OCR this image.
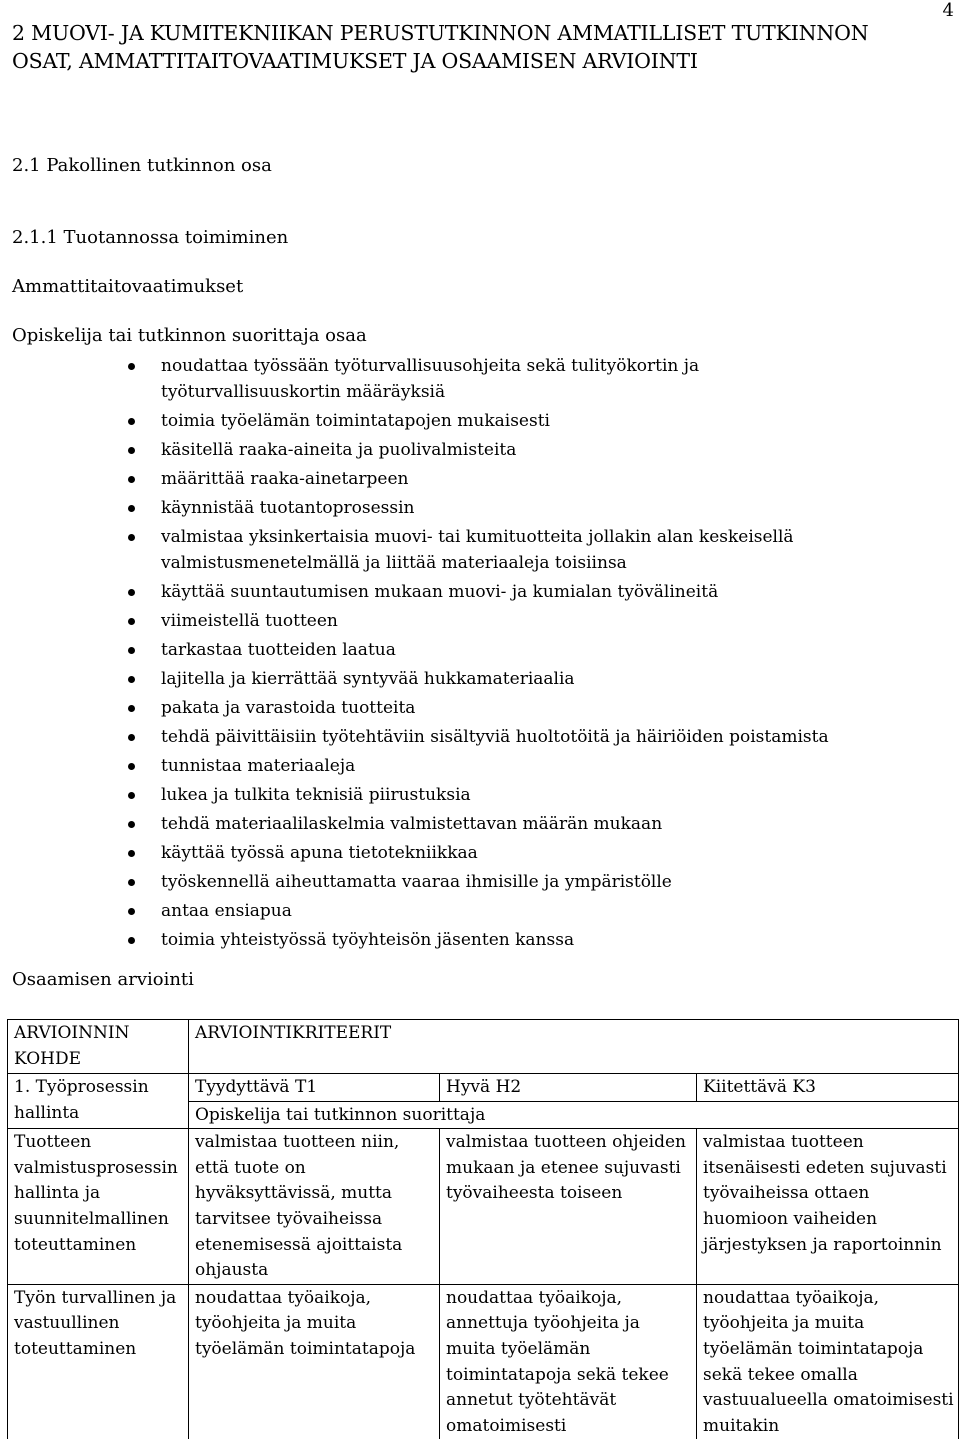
4
2 MUOVI- JA KUMITEKNIIKAN PERUSTUTKINNON AMMATILLISET TUTKINNON OSAT, AMMATTITAITOVAATIMUKSET JA OSAAMISEN ARVIOINTI
2.1 Pakollinen tutkinnon osa
2.1.1 Tuotannossa toimiminen
Ammattitaitovaatimukset
Opiskelija tai tutkinnon suorittaja osaa
noudattaa työssään työturvallisuusohjeita sekä tulityökortin ja työturvallisuuskortin määräyksiä
toimia työelämän toimintatapojen mukaisesti
käsitellä raaka-aineita ja puolivalmisteita
määrittää raaka-ainetarpeen
käynnistää tuotantoprosessin
valmistaa yksinkertaisia muovi- tai kumituotteita jollakin alan keskeisellä valmistusmenetelmällä ja liittää materiaaleja toisiinsa
käyttää suuntautumisen mukaan muovi- ja kumialan työvälineitä
viimeistellä tuotteen
tarkastaa tuotteiden laatua
lajitella ja kierrättää syntyvää hukkamateriaalia
pakata ja varastoida tuotteita
tehdä päivittäisiin työtehtäviin sisältyviä huoltotöitä ja häiriöiden poistamista
tunnistaa materiaaleja
lukea ja tulkita teknisiä piirustuksia
tehdä materiaalilaskelmia valmistettavan määrän mukaan
käyttää työssä apuna tietotekniikkaa
työskennellä aiheuttamatta vaaraa ihmisille ja ympäristölle
antaa ensiapua
toimia yhteistyössä työyhteisön jäsenten kanssa
Osaamisen arviointi
ARVIOINNIN KOHDE	ARVIOINTIKRITEERIT		
1. Työprosessin hallinta	Tyydyttävä T1	Hyvä H2	Kiitettävä K3
	Opiskelija tai tutkinnon suorittaja		
Tuotteen valmistusprosessin hallinta ja suunnitelmallinen toteuttaminen	valmistaa tuotteen niin, että tuote on hyväksyttävissä, mutta tarvitsee työvaiheissa etenemisessä ajoittaista ohjausta	valmistaa tuotteen ohjeiden mukaan ja etenee sujuvasti työvaiheesta toiseen	valmistaa tuotteen itsenäisesti edeten sujuvasti työvaiheissa ottaen huomioon vaiheiden järjestyksen ja raportoinnin
Työn turvallinen ja vastuullinen toteuttaminen	noudattaa työaikoja, työohjeita ja muita työelämän toimintatapoja	noudattaa työaikoja, annettuja työohjeita ja muita työelämän toimintatapoja sekä tekee annetut työtehtävät omatoimisesti	noudattaa työaikoja, työohjeita ja muita työelämän toimintatapoja sekä tekee omalla vastuualueella omatoimisesti muitakin
